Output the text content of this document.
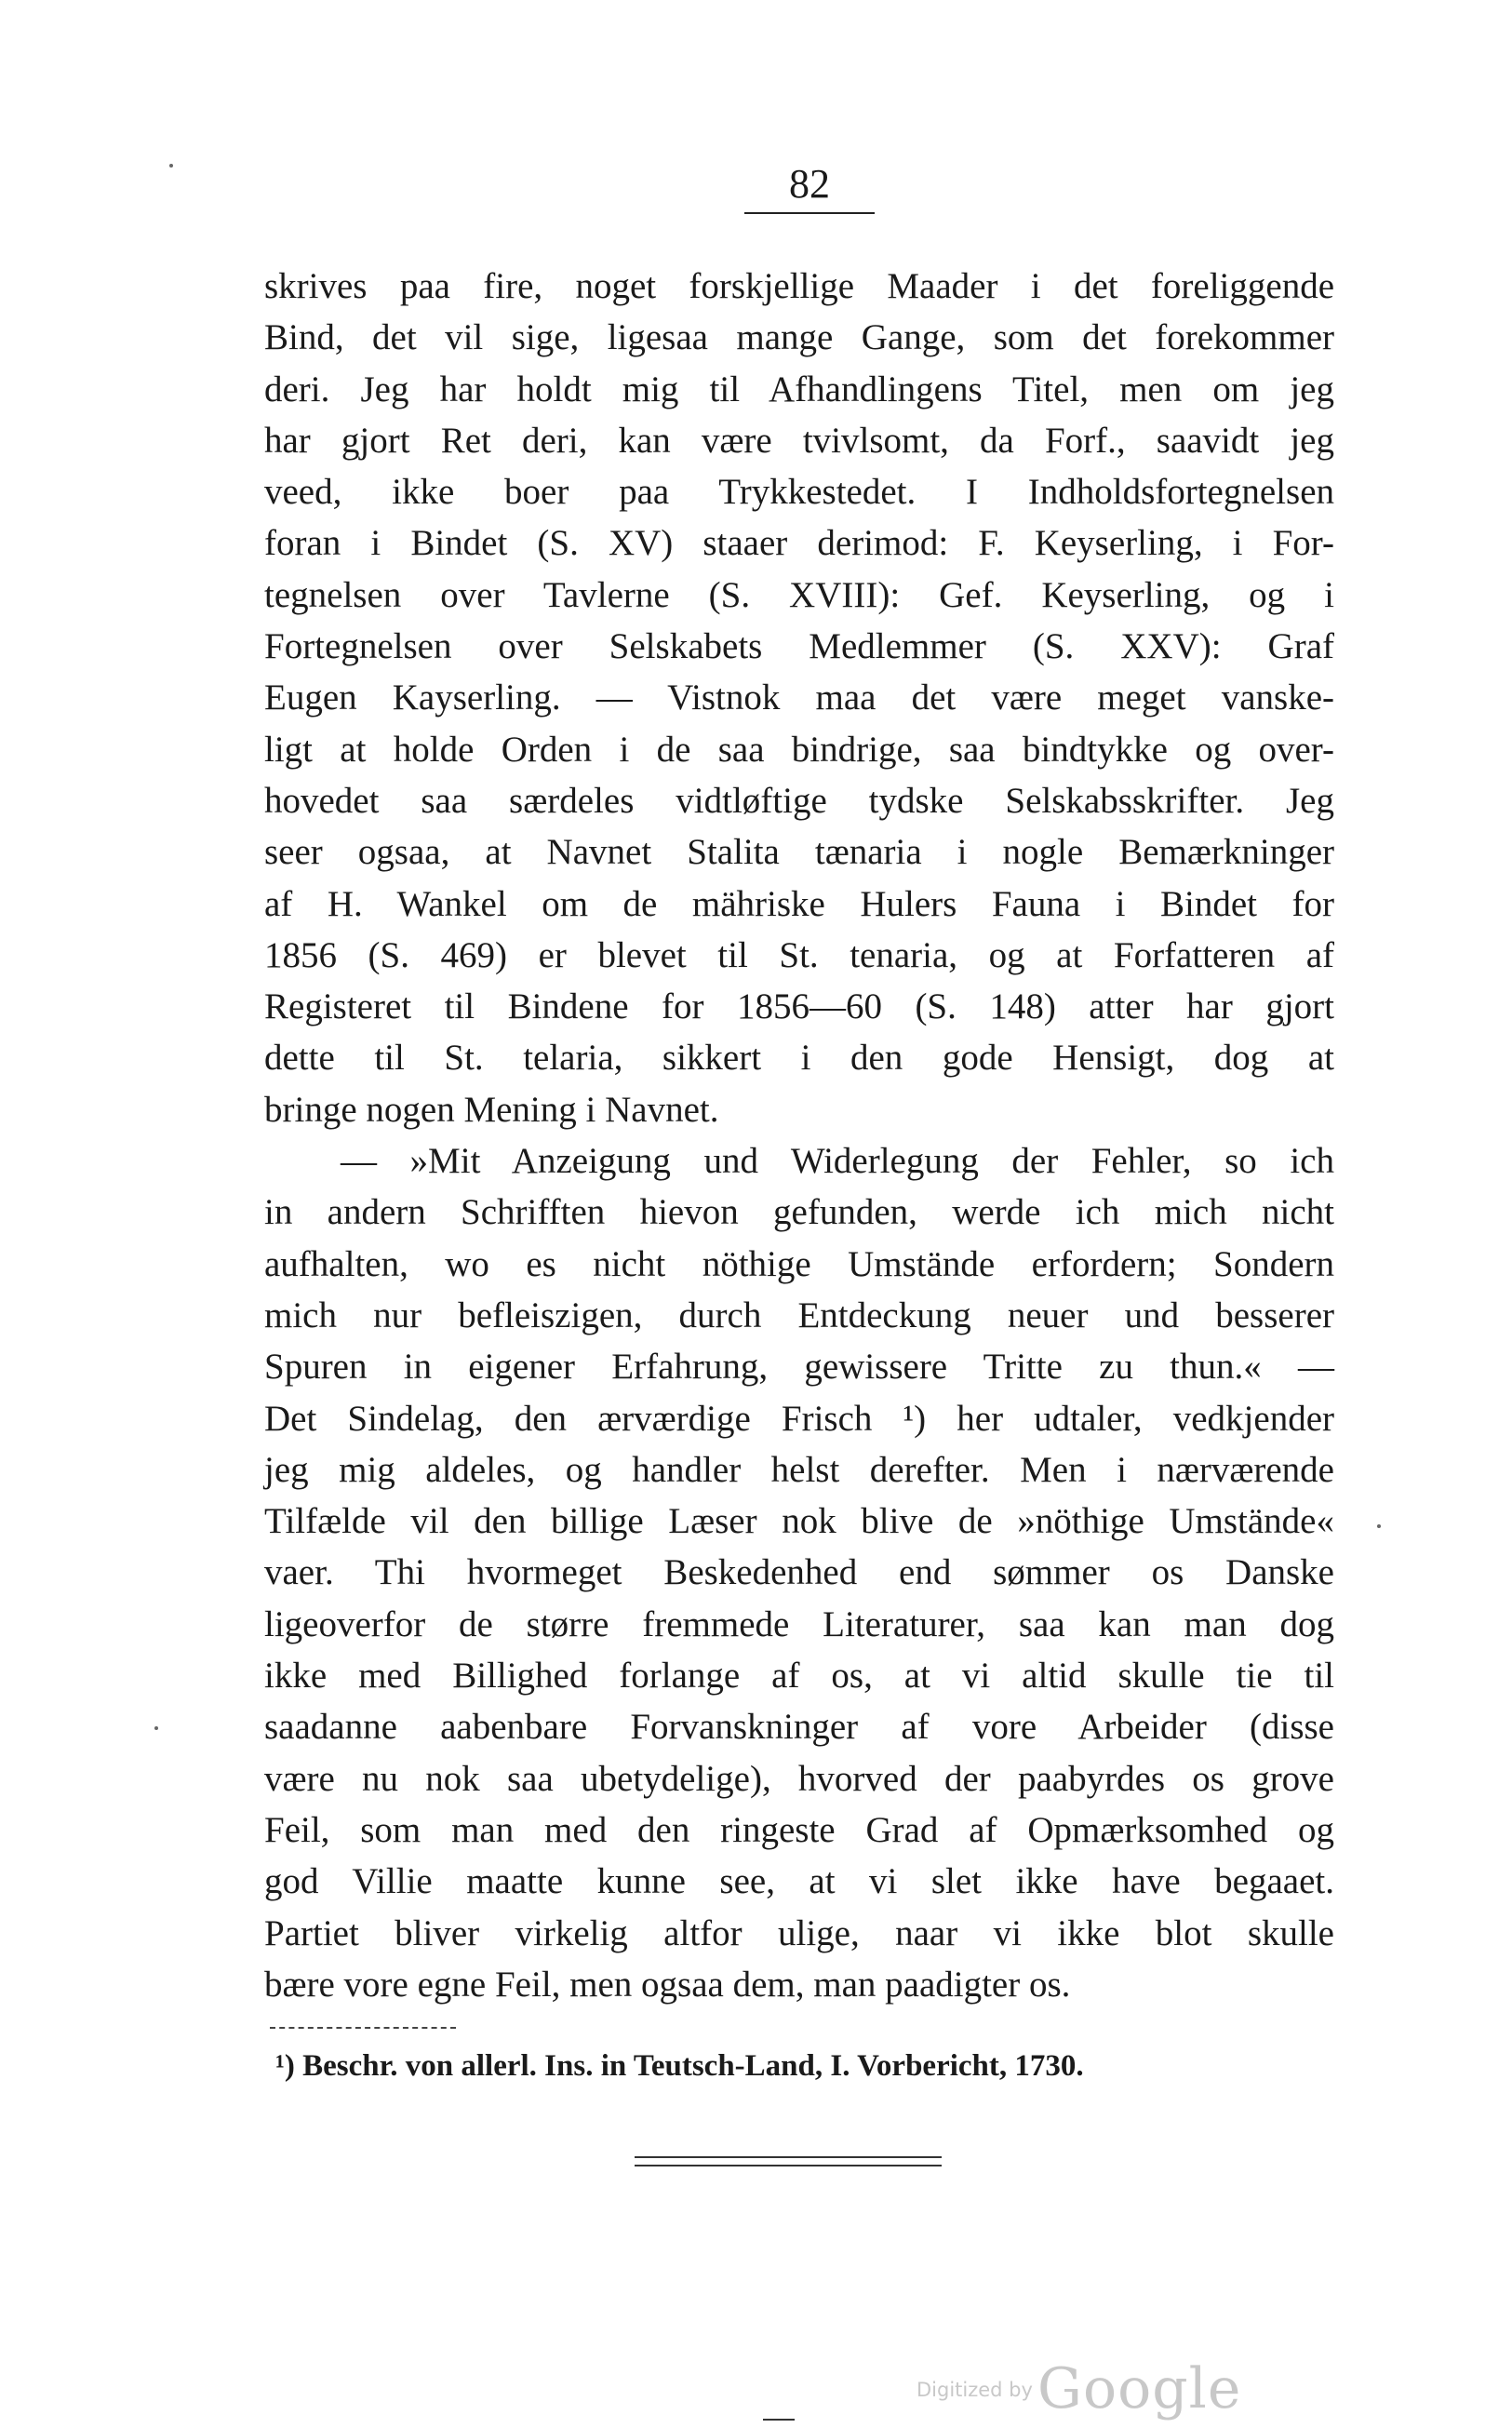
82
skrives paa fire, noget forskjellige Maader i det foreliggende
Bind, det vil sige, ligesaa mange Gange, som det forekommer
deri. Jeg har holdt mig til Afhandlingens Titel, men om jeg
har gjort Ret deri, kan være tvivlsomt, da Forf., saavidt jeg
veed, ikke boer paa Trykkestedet. I Indholdsfortegnelsen
foran i Bindet (S. XV) staaer derimod: F. Keyserling, i For-
tegnelsen over Tavlerne (S. XVIII): Gef. Keyserling, og i
Fortegnelsen over Selskabets Medlemmer (S. XXV): Graf
Eugen Kayserling. — Vistnok maa det være meget vanske-
ligt at holde Orden i de saa bindrige, saa bindtykke og over-
hovedet saa særdeles vidtløftige tydske Selskabsskrifter. Jeg
seer ogsaa, at Navnet Stalita tænaria i nogle Bemærkninger
af H. Wankel om de mähriske Hulers Fauna i Bindet for
1856 (S. 469) er blevet til St. tenaria, og at Forfatteren af
Registeret til Bindene for 1856—60 (S. 148) atter har gjort
dette til St. telaria, sikkert i den gode Hensigt, dog at
bringe nogen Mening i Navnet.
— »Mit Anzeigung und Widerlegung der Fehler, so ich
in andern Schrifften hievon gefunden, werde ich mich nicht
aufhalten, wo es nicht nöthige Umstände erfordern; Sondern
mich nur befleiszigen, durch Entdeckung neuer und besserer
Spuren in eigener Erfahrung, gewissere Tritte zu thun.« —
Det Sindelag, den ærværdige Frisch ¹) her udtaler, vedkjender
jeg mig aldeles, og handler helst derefter. Men i nærværende
Tilfælde vil den billige Læser nok blive de »nöthige Umstände«
vaer. Thi hvormeget Beskedenhed end sømmer os Danske
ligeoverfor de større fremmede Literaturer, saa kan man dog
ikke med Billighed forlange af os, at vi altid skulle tie til
saadanne aabenbare Forvanskninger af vore Arbeider (disse
være nu nok saa ubetydelige), hvorved der paabyrdes os grove
Feil, som man med den ringeste Grad af Opmærksomhed og
god Villie maatte kunne see, at vi slet ikke have begaaet.
Partiet bliver virkelig altfor ulige, naar vi ikke blot skulle
bære vore egne Feil, men ogsaa dem, man paadigter os.
¹) Beschr. von allerl. Ins. in Teutsch-Land, I. Vorbericht, 1730.
Digitized by Google
